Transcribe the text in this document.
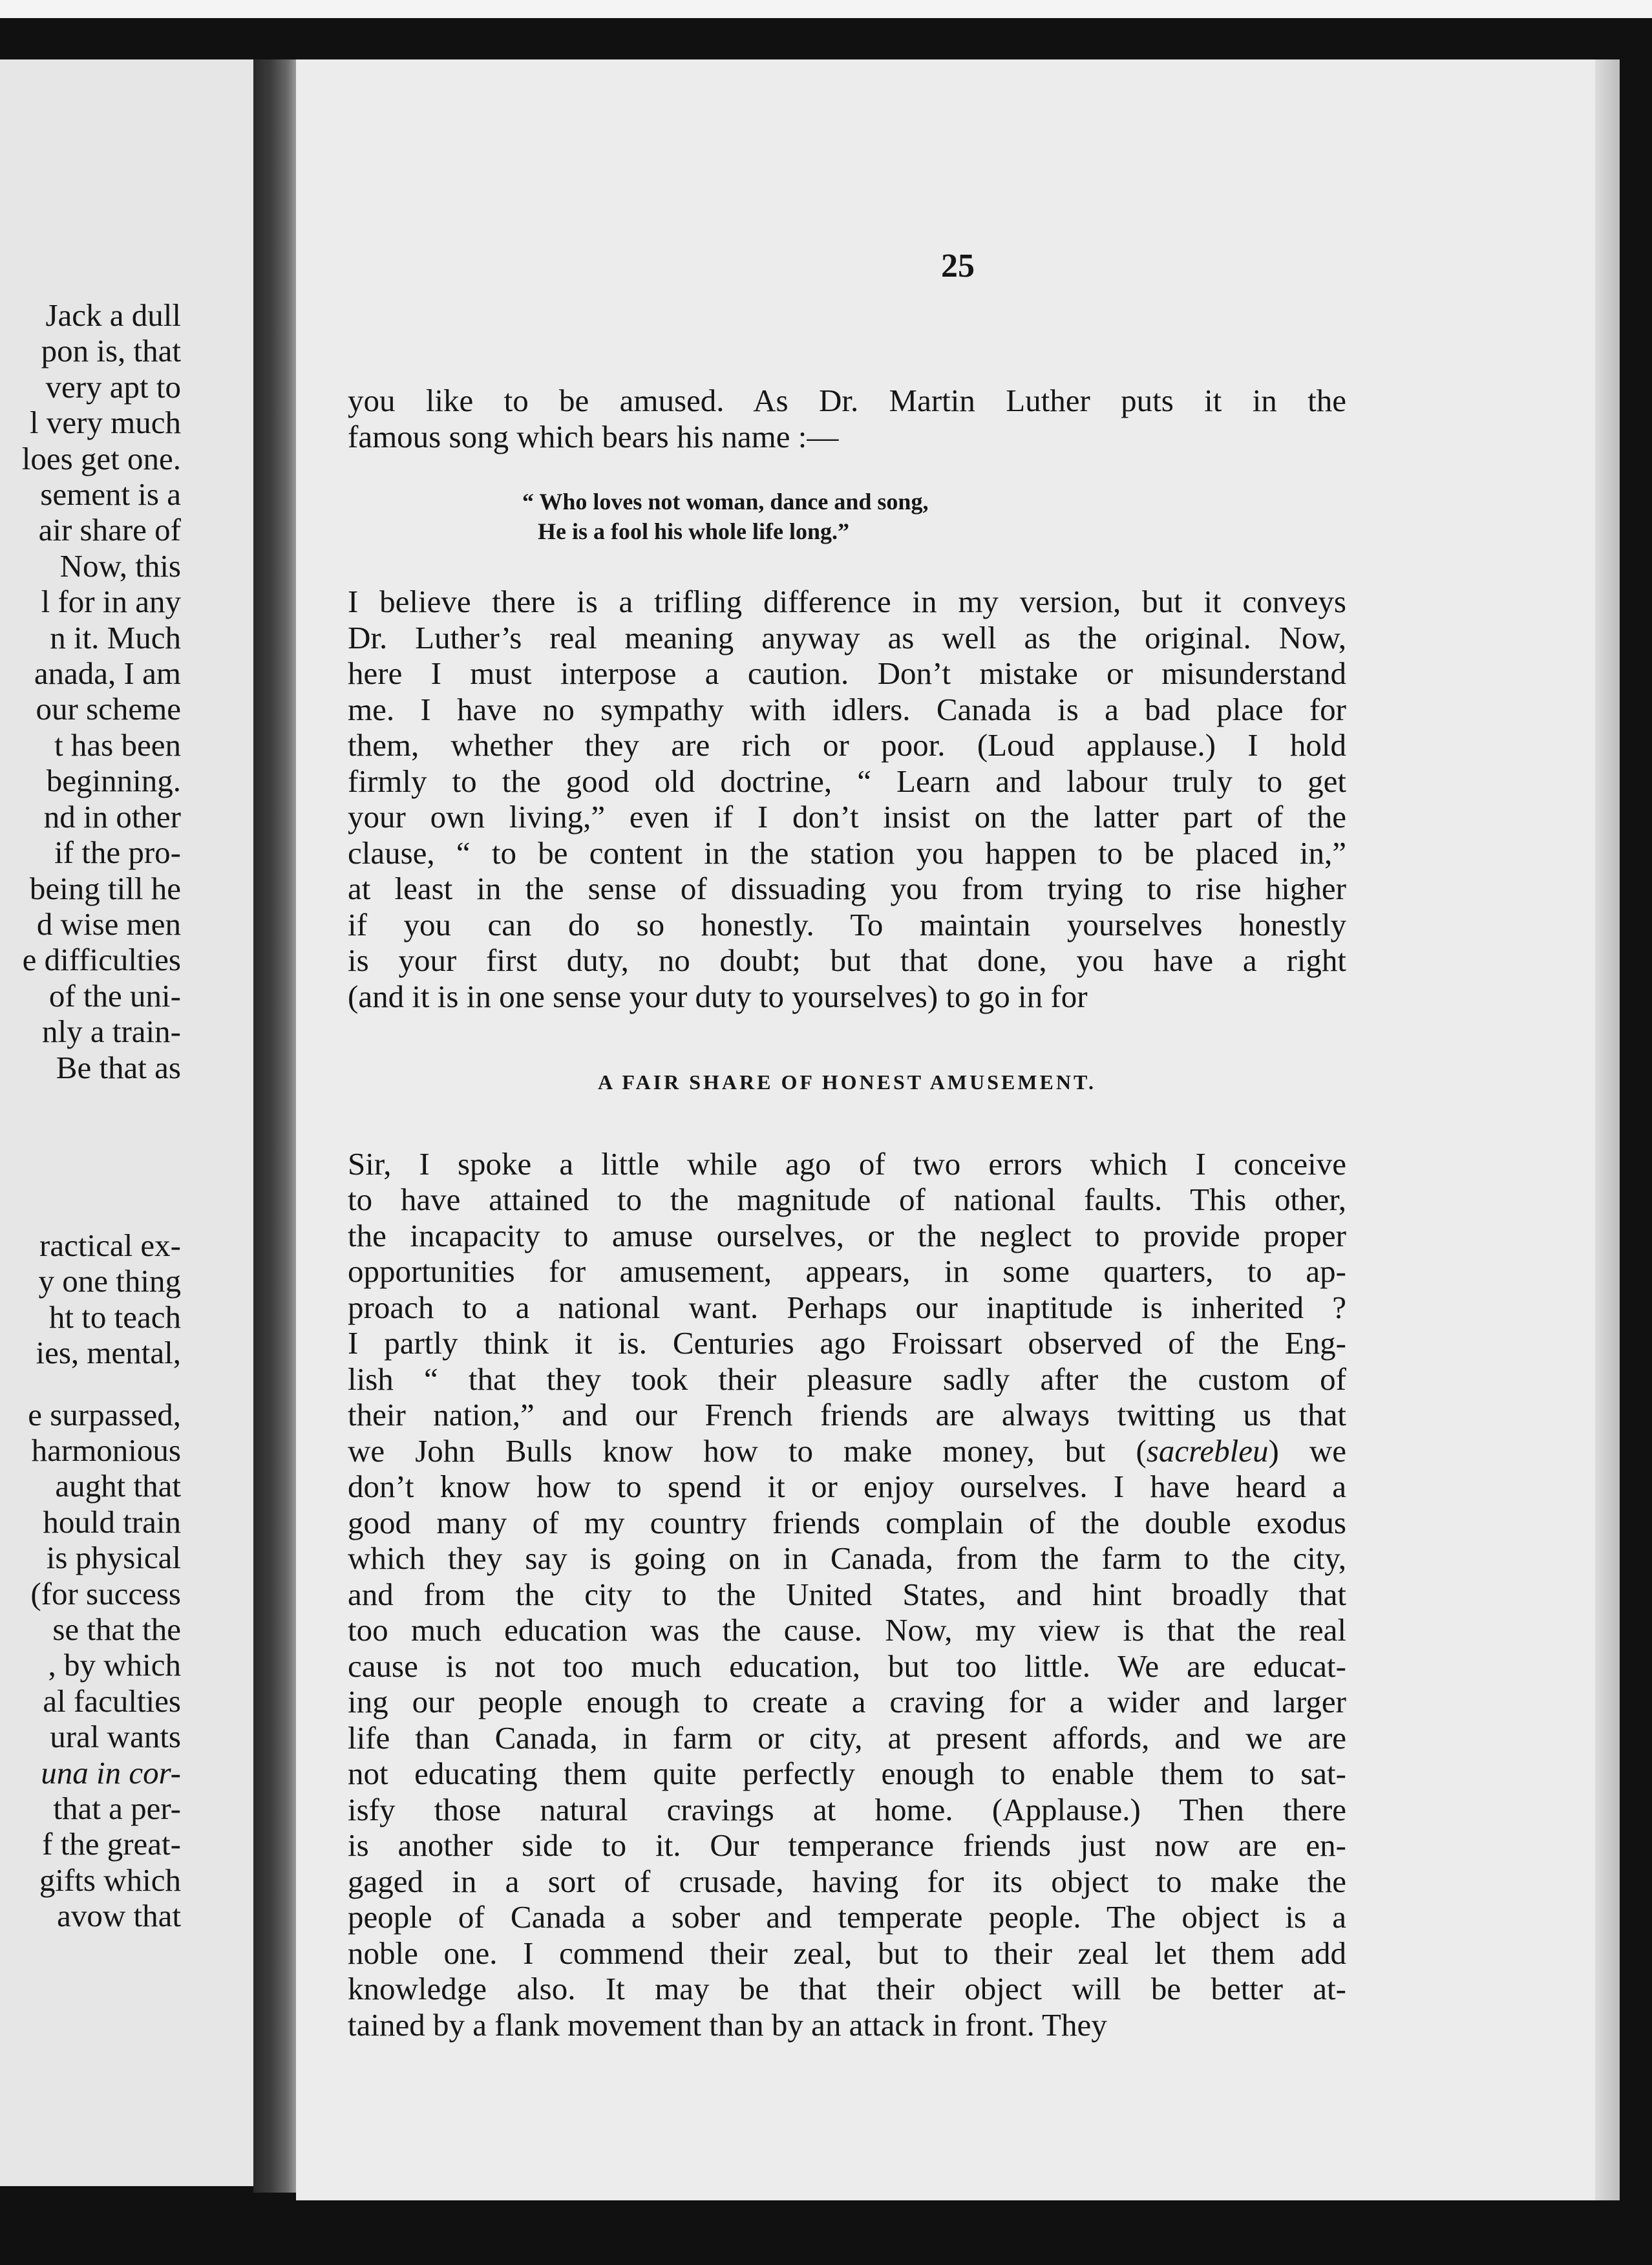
Jack a dull
pon is, that
very apt to
l very much
loes get one.
sement is a
air share of
Now, this
l for in any
n it. Much
anada, I am
our scheme
t has been
beginning.
nd in other
if the pro-
being till he
d wise men
e difficulties
of the uni-
nly a train-
Be that as
ractical ex-
y one thing
ht to teach
ies, mental,
e surpassed,
harmonious
aught that
hould train
is physical
(for success
se that the
, by which
al faculties
ural wants
una in cor-
that a per-
f the great-
gifts which
avow that
25

you like to be amused. As Dr. Martin Luther puts it in the
famous song which bears his name :—

“ Who loves not woman, dance and song,
He is a fool his whole life long.”

I believe there is a trifling difference in my version, but it conveys
Dr. Luther’s real meaning anyway as well as the original. Now,
here I must interpose a caution. Don’t mistake or misunderstand
me. I have no sympathy with idlers. Canada is a bad place for
them, whether they are rich or poor. (Loud applause.) I hold
firmly to the good old doctrine, “ Learn and labour truly to get
your own living,” even if I don’t insist on the latter part of the
clause, “ to be content in the station you happen to be placed in,”
at least in the sense of dissuading you from trying to rise higher
if you can do so honestly. To maintain yourselves honestly
is your first duty, no doubt; but that done, you have a right
(and it is in one sense your duty to yourselves) to go in for

A FAIR SHARE OF HONEST AMUSEMENT.

Sir, I spoke a little while ago of two errors which I conceive
to have attained to the magnitude of national faults. This other,
the incapacity to amuse ourselves, or the neglect to provide proper
opportunities for amusement, appears, in some quarters, to ap-
proach to a national want. Perhaps our inaptitude is inherited ?
I partly think it is. Centuries ago Froissart observed of the Eng-
lish “ that they took their pleasure sadly after the custom of
their nation,” and our French friends are always twitting us that
we John Bulls know how to make money, but (sacrebleu) we
don’t know how to spend it or enjoy ourselves. I have heard a
good many of my country friends complain of the double exodus
which they say is going on in Canada, from the farm to the city,
and from the city to the United States, and hint broadly that
too much education was the cause. Now, my view is that the real
cause is not too much education, but too little. We are educat-
ing our people enough to create a craving for a wider and larger
life than Canada, in farm or city, at present affords, and we are
not educating them quite perfectly enough to enable them to sat-
isfy those natural cravings at home. (Applause.) Then there
is another side to it. Our temperance friends just now are en-
gaged in a sort of crusade, having for its object to make the
people of Canada a sober and temperate people. The object is a
noble one. I commend their zeal, but to their zeal let them add
knowledge also. It may be that their object will be better at-
tained by a flank movement than by an attack in front. They
